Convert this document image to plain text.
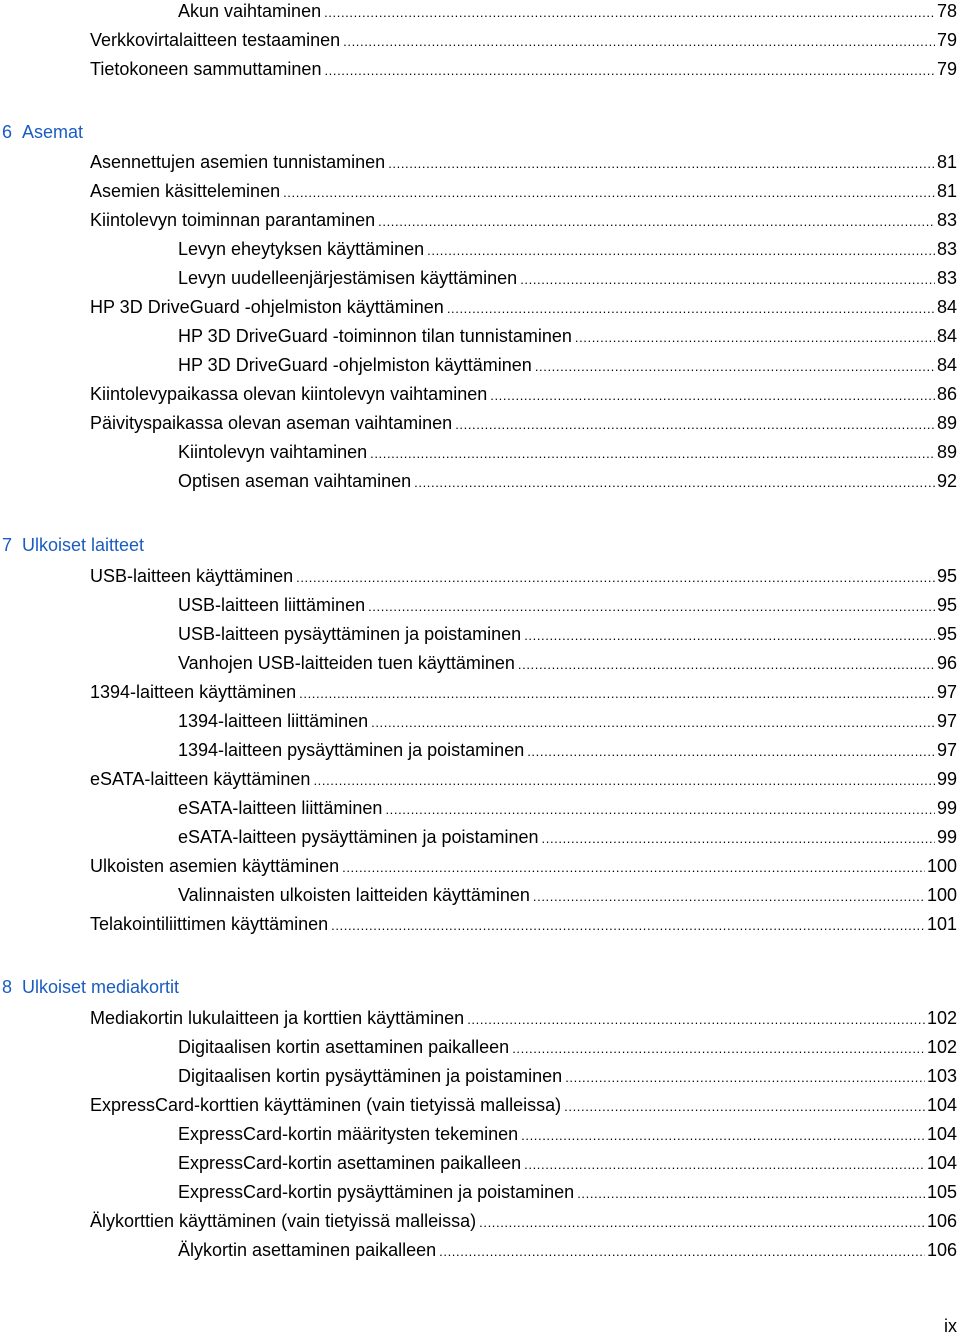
Akun vaihtaminen .....	78
Verkkovirtalaitteen testaaminen .....	79
Tietokoneen sammuttaminen .....	79
6 Asemat
Asennettujen asemien tunnistaminen .....	81
Asemien käsitteleminen .....	81
Kiintolevyn toiminnan parantaminen .....	83
Levyn eheytyksen käyttäminen .....	83
Levyn uudelleenjärjestämisen käyttäminen .....	83
HP 3D DriveGuard -ohjelmiston käyttäminen .....	84
HP 3D DriveGuard -toiminnon tilan tunnistaminen .....	84
HP 3D DriveGuard -ohjelmiston käyttäminen .....	84
Kiintolevypaikassa olevan kiintolevyn vaihtaminen .....	86
Päivityspaikassa olevan aseman vaihtaminen .....	89
Kiintolevyn vaihtaminen .....	89
Optisen aseman vaihtaminen .....	92
7 Ulkoiset laitteet
USB-laitteen käyttäminen .....	95
USB-laitteen liittäminen .....	95
USB-laitteen pysäyttäminen ja poistaminen .....	95
Vanhojen USB-laitteiden tuen käyttäminen .....	96
1394-laitteen käyttäminen .....	97
1394-laitteen liittäminen .....	97
1394-laitteen pysäyttäminen ja poistaminen .....	97
eSATA-laitteen käyttäminen .....	99
eSATA-laitteen liittäminen .....	99
eSATA-laitteen pysäyttäminen ja poistaminen .....	99
Ulkoisten asemien käyttäminen .....	100
Valinnaisten ulkoisten laitteiden käyttäminen .....	100
Telakointiliittimen käyttäminen .....	101
8 Ulkoiset mediakortit
Mediakortin lukulaitteen ja korttien käyttäminen .....	102
Digitaalisen kortin asettaminen paikalleen .....	102
Digitaalisen kortin pysäyttäminen ja poistaminen .....	103
ExpressCard-korttien käyttäminen (vain tietyissä malleissa) .....	104
ExpressCard-kortin määritysten tekeminen .....	104
ExpressCard-kortin asettaminen paikalleen .....	104
ExpressCard-kortin pysäyttäminen ja poistaminen .....	105
Älykorttien käyttäminen (vain tietyissä malleissa) .....	106
Älykortin asettaminen paikalleen .....	106
ix
